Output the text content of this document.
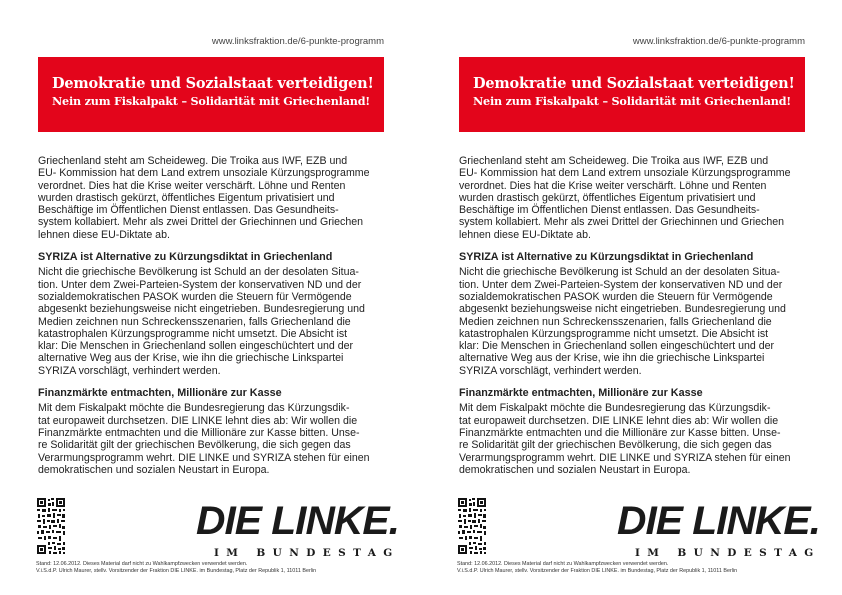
www.linksfraktion.de/6-punkte-programm
Demokratie und Sozialstaat verteidigen!
Nein zum Fiskalpakt – Solidarität mit Griechenland!

Griechenland steht am Scheideweg. Die Troika aus IWF, EZB und

EU- Kommission hat dem Land extrem unsoziale Kürzungsprogramme

verordnet. Dies hat die Krise weiter verschärft. Löhne und Renten

wurden drastisch gekürzt, öffentliches Eigentum privatisiert und

Beschäftige im Öffentlichen Dienst entlassen. Das Gesundheits-

system kollabiert. Mehr als zwei Drittel der Griechinnen und Griechen

lehnen diese EU-Diktate ab.

SYRIZA ist Alternative zu Kürzungsdiktat in Griechenland

Nicht die griechische Bevölkerung ist Schuld an der desolaten Situa-

tion. Unter dem Zwei-Parteien-System der konservativen ND und der

sozialdemokratischen PASOK wurden die Steuern für Vermögende

abgesenkt beziehungsweise nicht eingetrieben. Bundesregierung und

Medien zeichnen nun Schreckensszenarien, falls Griechenland die

katastrophalen Kürzungsprogramme nicht umsetzt. Die Absicht ist

klar: Die Menschen in Griechenland sollen eingeschüchtert und der

alternative Weg aus der Krise, wie ihn die griechische Linkspartei

SYRIZA vorschlägt, verhindert werden.

Finanzmärkte entmachten, Millionäre zur Kasse

Mit dem Fiskalpakt möchte die Bundesregierung das Kürzungsdik-

tat europaweit durchsetzen. DIE LINKE lehnt dies ab: Wir wollen die

Finanzmärkte entmachten und die Millionäre zur Kasse bitten. Unse-

re Solidarität gilt der griechischen Bevölkerung, die sich gegen das

Verarmungsprogramm wehrt. DIE LINKE und SYRIZA stehen für einen

demokratischen und sozialen Neustart in Europa.

DIE LINKE.
IM BUNDESTAG
Stand: 12.06.2012. Dieses Material darf nicht zu Wahlkampfzwecken verwendet werden.
V.i.S.d.P. Ulrich Maurer, stellv. Vorsitzender der Fraktion DIE LINKE. im Bundestag, Platz der Republik 1, 11011 Berlin
www.linksfraktion.de/6-punkte-programm
Demokratie und Sozialstaat verteidigen!
Nein zum Fiskalpakt – Solidarität mit Griechenland!

Griechenland steht am Scheideweg. Die Troika aus IWF, EZB und

EU- Kommission hat dem Land extrem unsoziale Kürzungsprogramme

verordnet. Dies hat die Krise weiter verschärft. Löhne und Renten

wurden drastisch gekürzt, öffentliches Eigentum privatisiert und

Beschäftige im Öffentlichen Dienst entlassen. Das Gesundheits-

system kollabiert. Mehr als zwei Drittel der Griechinnen und Griechen

lehnen diese EU-Diktate ab.

SYRIZA ist Alternative zu Kürzungsdiktat in Griechenland

Nicht die griechische Bevölkerung ist Schuld an der desolaten Situa-

tion. Unter dem Zwei-Parteien-System der konservativen ND und der

sozialdemokratischen PASOK wurden die Steuern für Vermögende

abgesenkt beziehungsweise nicht eingetrieben. Bundesregierung und

Medien zeichnen nun Schreckensszenarien, falls Griechenland die

katastrophalen Kürzungsprogramme nicht umsetzt. Die Absicht ist

klar: Die Menschen in Griechenland sollen eingeschüchtert und der

alternative Weg aus der Krise, wie ihn die griechische Linkspartei

SYRIZA vorschlägt, verhindert werden.

Finanzmärkte entmachten, Millionäre zur Kasse

Mit dem Fiskalpakt möchte die Bundesregierung das Kürzungsdik-

tat europaweit durchsetzen. DIE LINKE lehnt dies ab: Wir wollen die

Finanzmärkte entmachten und die Millionäre zur Kasse bitten. Unse-

re Solidarität gilt der griechischen Bevölkerung, die sich gegen das

Verarmungsprogramm wehrt. DIE LINKE und SYRIZA stehen für einen

demokratischen und sozialen Neustart in Europa.

DIE LINKE.
IM BUNDESTAG
Stand: 12.06.2012. Dieses Material darf nicht zu Wahlkampfzwecken verwendet werden.
V.i.S.d.P. Ulrich Maurer, stellv. Vorsitzender der Fraktion DIE LINKE. im Bundestag, Platz der Republik 1, 11011 Berlin
